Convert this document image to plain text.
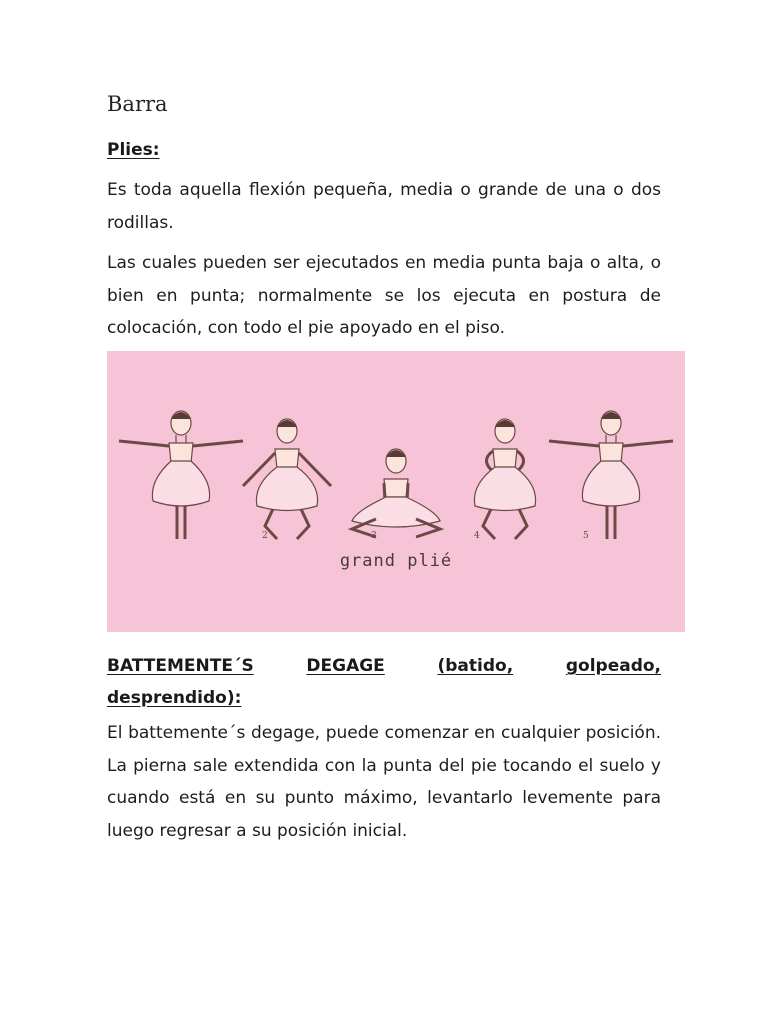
Barra
Plies:

Es toda aquella flexión pequeña, media o grande de una o dos rodillas.

Las cuales pueden ser ejecutados en media punta baja o alta, o bien en punta; normalmente se los ejecuta en postura de colocación, con todo el pie apoyado en el piso.

2	3	4	5
grand plié
BATTEMENTE´S	DEGAGE	(batido,	golpeado,
desprendido):

El battemente´s degage, puede comenzar en cualquier posición. La pierna sale extendida con la punta del pie tocando el suelo y cuando está en su punto máximo, levantarlo levemente para luego regresar a su posición inicial.
